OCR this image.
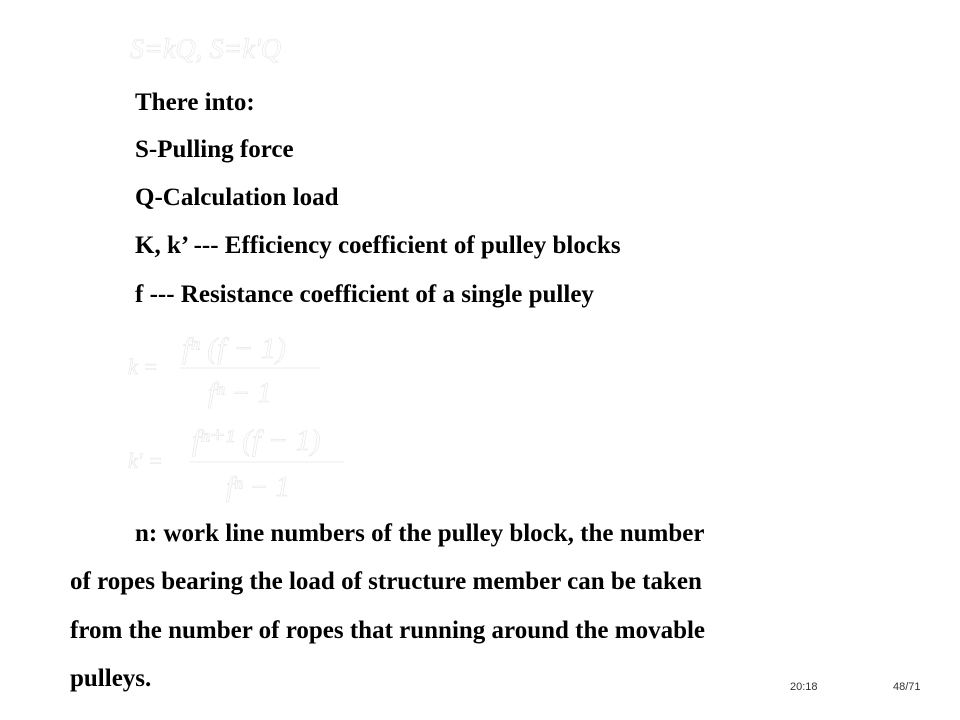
S=kQ, S=k'Q
There into:
S-Pulling force
Q-Calculation load
K, k’ --- Efficiency coefficient of pulley blocks
f --- Resistance coefficient of a single pulley
k =
fⁿ (f − 1)
fⁿ − 1
k' =
fⁿ⁺¹ (f − 1)
fⁿ − 1
n: work line numbers of the pulley block, the number
of ropes bearing the load of structure member can be taken
from the number of ropes that running around the movable
pulleys.	20:18	48/71
